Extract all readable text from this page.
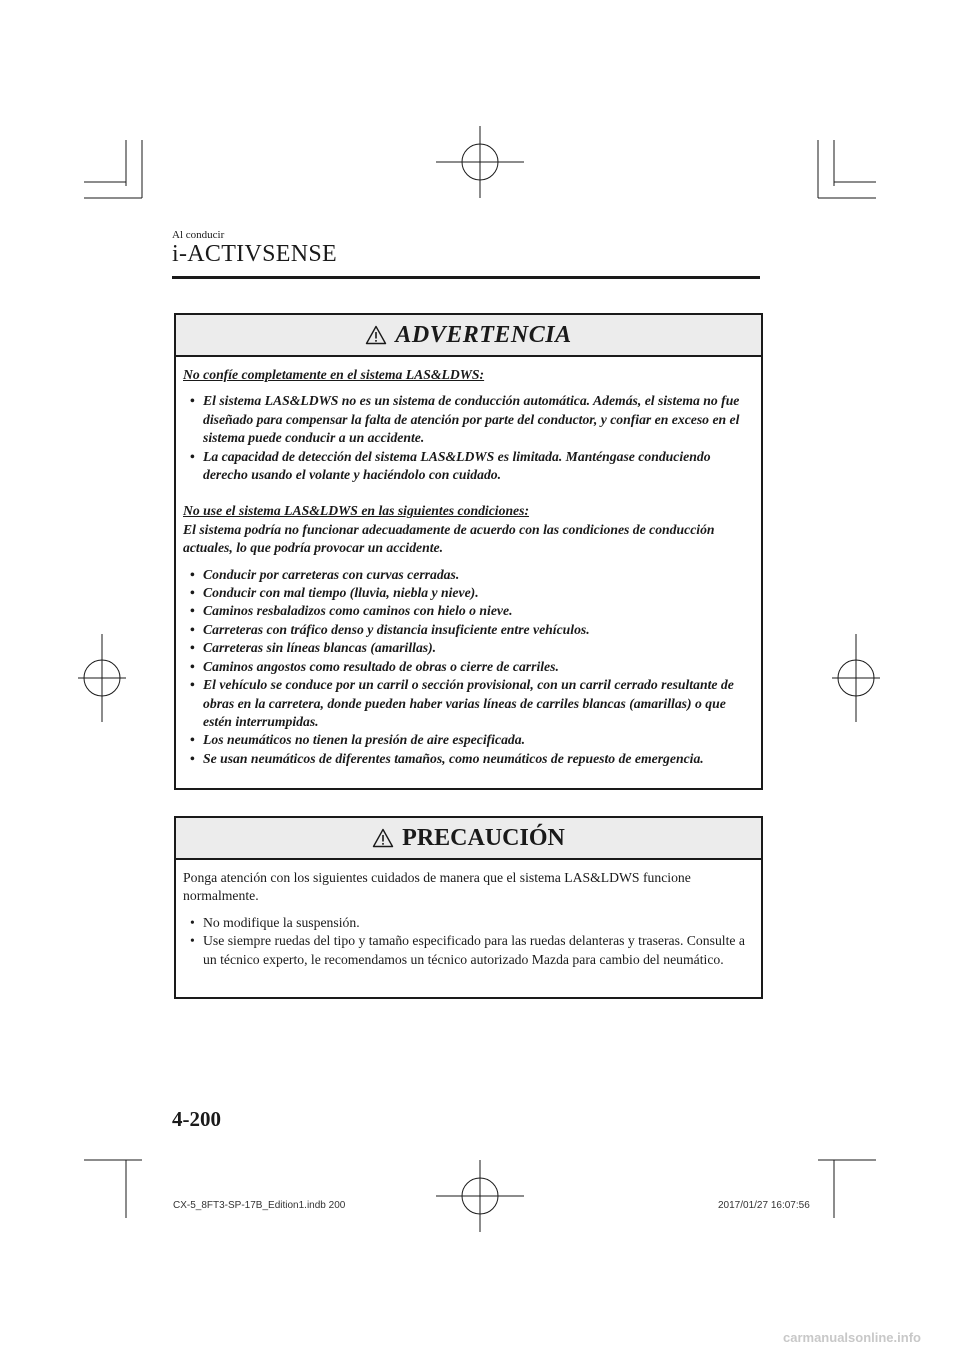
Al conducir
i-ACTIVSENSE
ADVERTENCIA

No confíe completamente en el sistema LAS&LDWS:

• El sistema LAS&LDWS no es un sistema de conducción automática. Además, el sistema no fue diseñado para compensar la falta de atención por parte del conductor, y confiar en exceso en el sistema puede conducir a un accidente.
• La capacidad de detección del sistema LAS&LDWS es limitada. Manténgase conduciendo derecho usando el volante y haciéndolo con cuidado.

No use el sistema LAS&LDWS en las siguientes condiciones:

El sistema podría no funcionar adecuadamente de acuerdo con las condiciones de conducción actuales, lo que podría provocar un accidente.

• Conducir por carreteras con curvas cerradas.
• Conducir con mal tiempo (lluvia, niebla y nieve).
• Caminos resbaladizos como caminos con hielo o nieve.
• Carreteras con tráfico denso y distancia insuficiente entre vehículos.
• Carreteras sin líneas blancas (amarillas).
• Caminos angostos como resultado de obras o cierre de carriles.
• El vehículo se conduce por un carril o sección provisional, con un carril cerrado resultante de obras en la carretera, donde pueden haber varias líneas de carriles blancas (amarillas) o que estén interrumpidas.
• Los neumáticos no tienen la presión de aire especificada.
• Se usan neumáticos de diferentes tamaños, como neumáticos de repuesto de emergencia.
PRECAUCIÓN

Ponga atención con los siguientes cuidados de manera que el sistema LAS&LDWS funcione normalmente.

• No modifique la suspensión.
• Use siempre ruedas del tipo y tamaño especificado para las ruedas delanteras y traseras. Consulte a un técnico experto, le recomendamos un técnico autorizado Mazda para cambio del neumático.
4-200
CX-5_8FT3-SP-17B_Edition1.indb 200	2017/01/27 16:07:56
carmanualsonline.info
